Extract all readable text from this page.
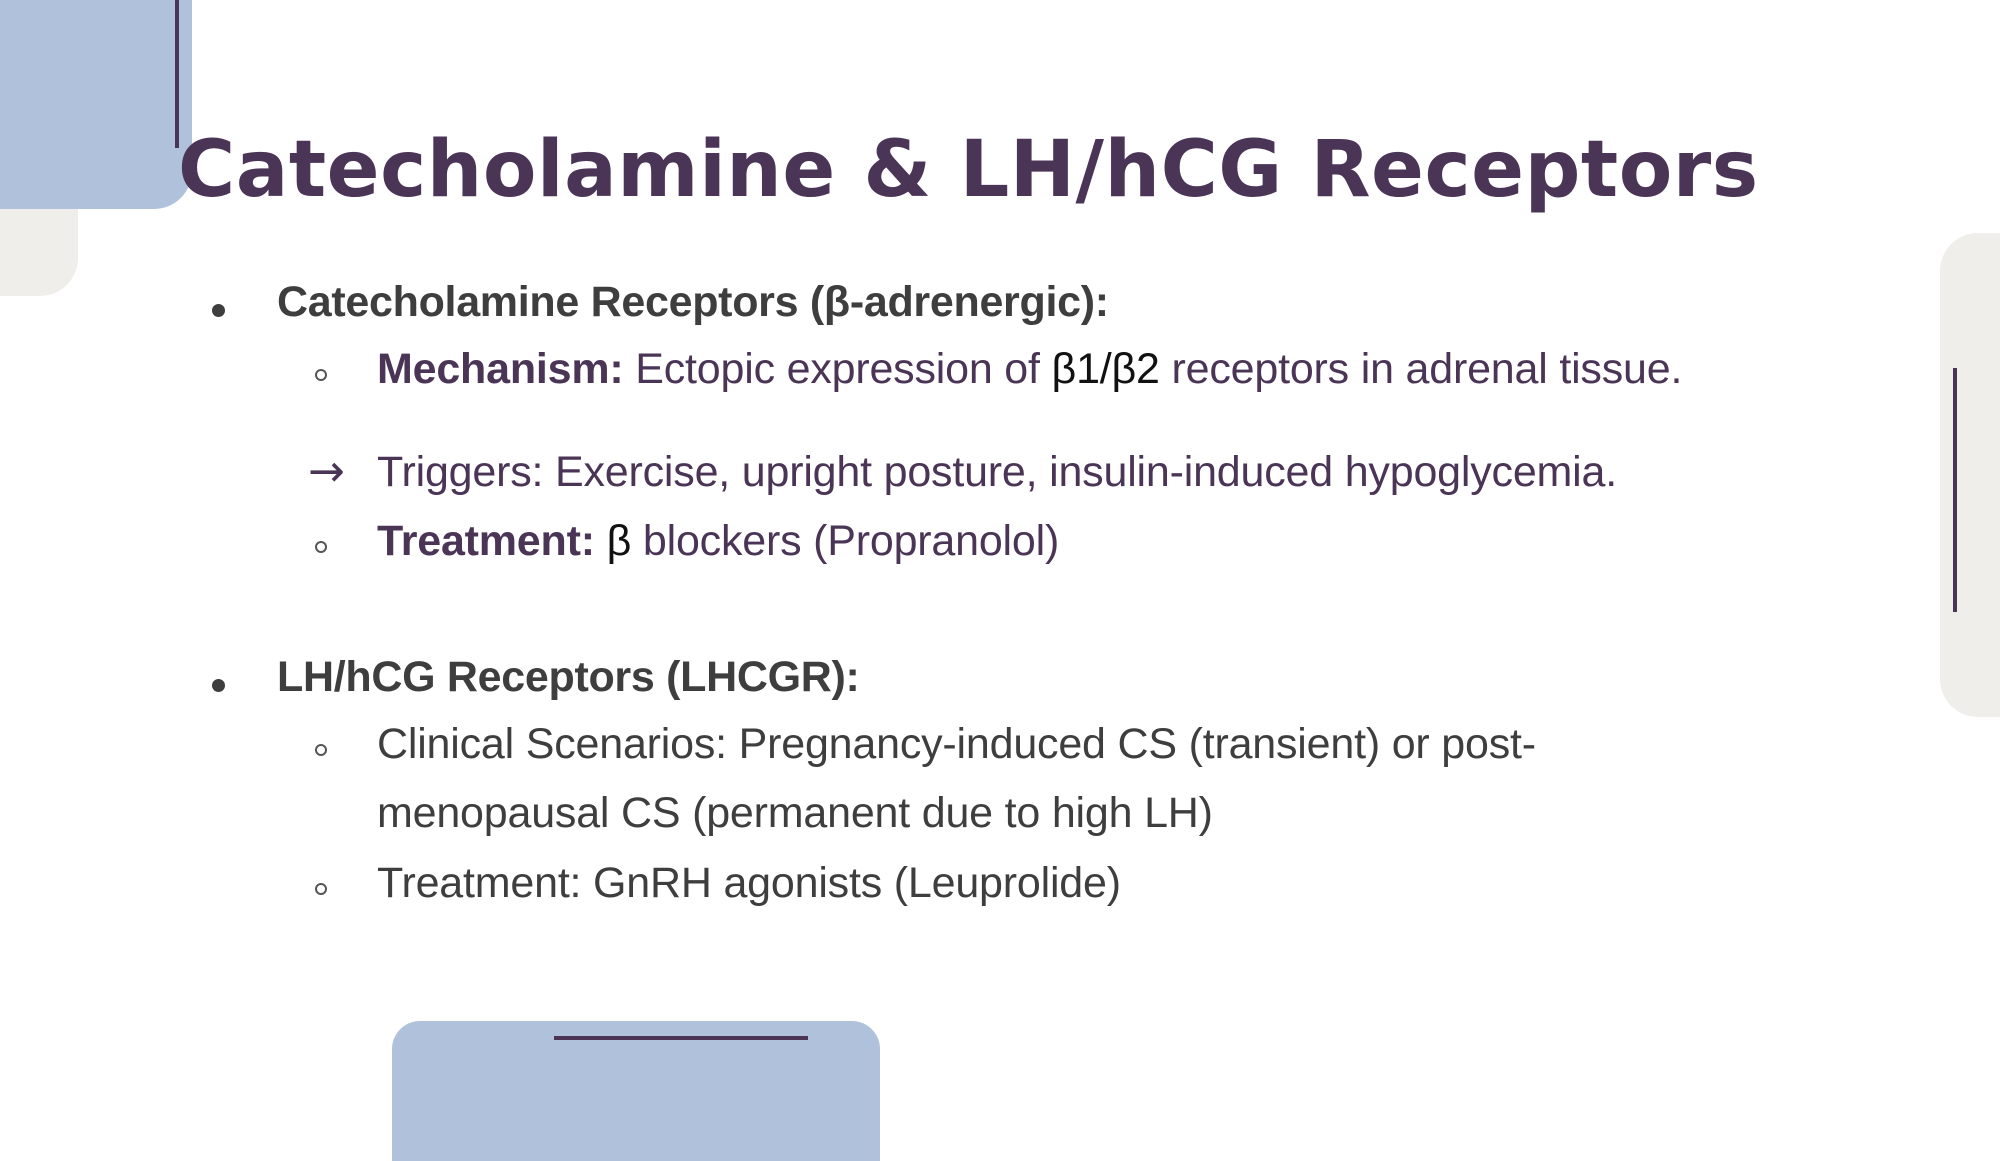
Catecholamine & LH/hCG Receptors
Catecholamine Receptors (β-adrenergic):
Mechanism: Ectopic expression of β1/β2 receptors in adrenal tissue.
→ Triggers: Exercise, upright posture, insulin-induced hypoglycemia.
Treatment: β blockers (Propranolol)
LH/hCG Receptors (LHCGR):
Clinical Scenarios: Pregnancy-induced CS (transient) or post-
menopausal CS (permanent due to high LH)
Treatment: GnRH agonists (Leuprolide)
